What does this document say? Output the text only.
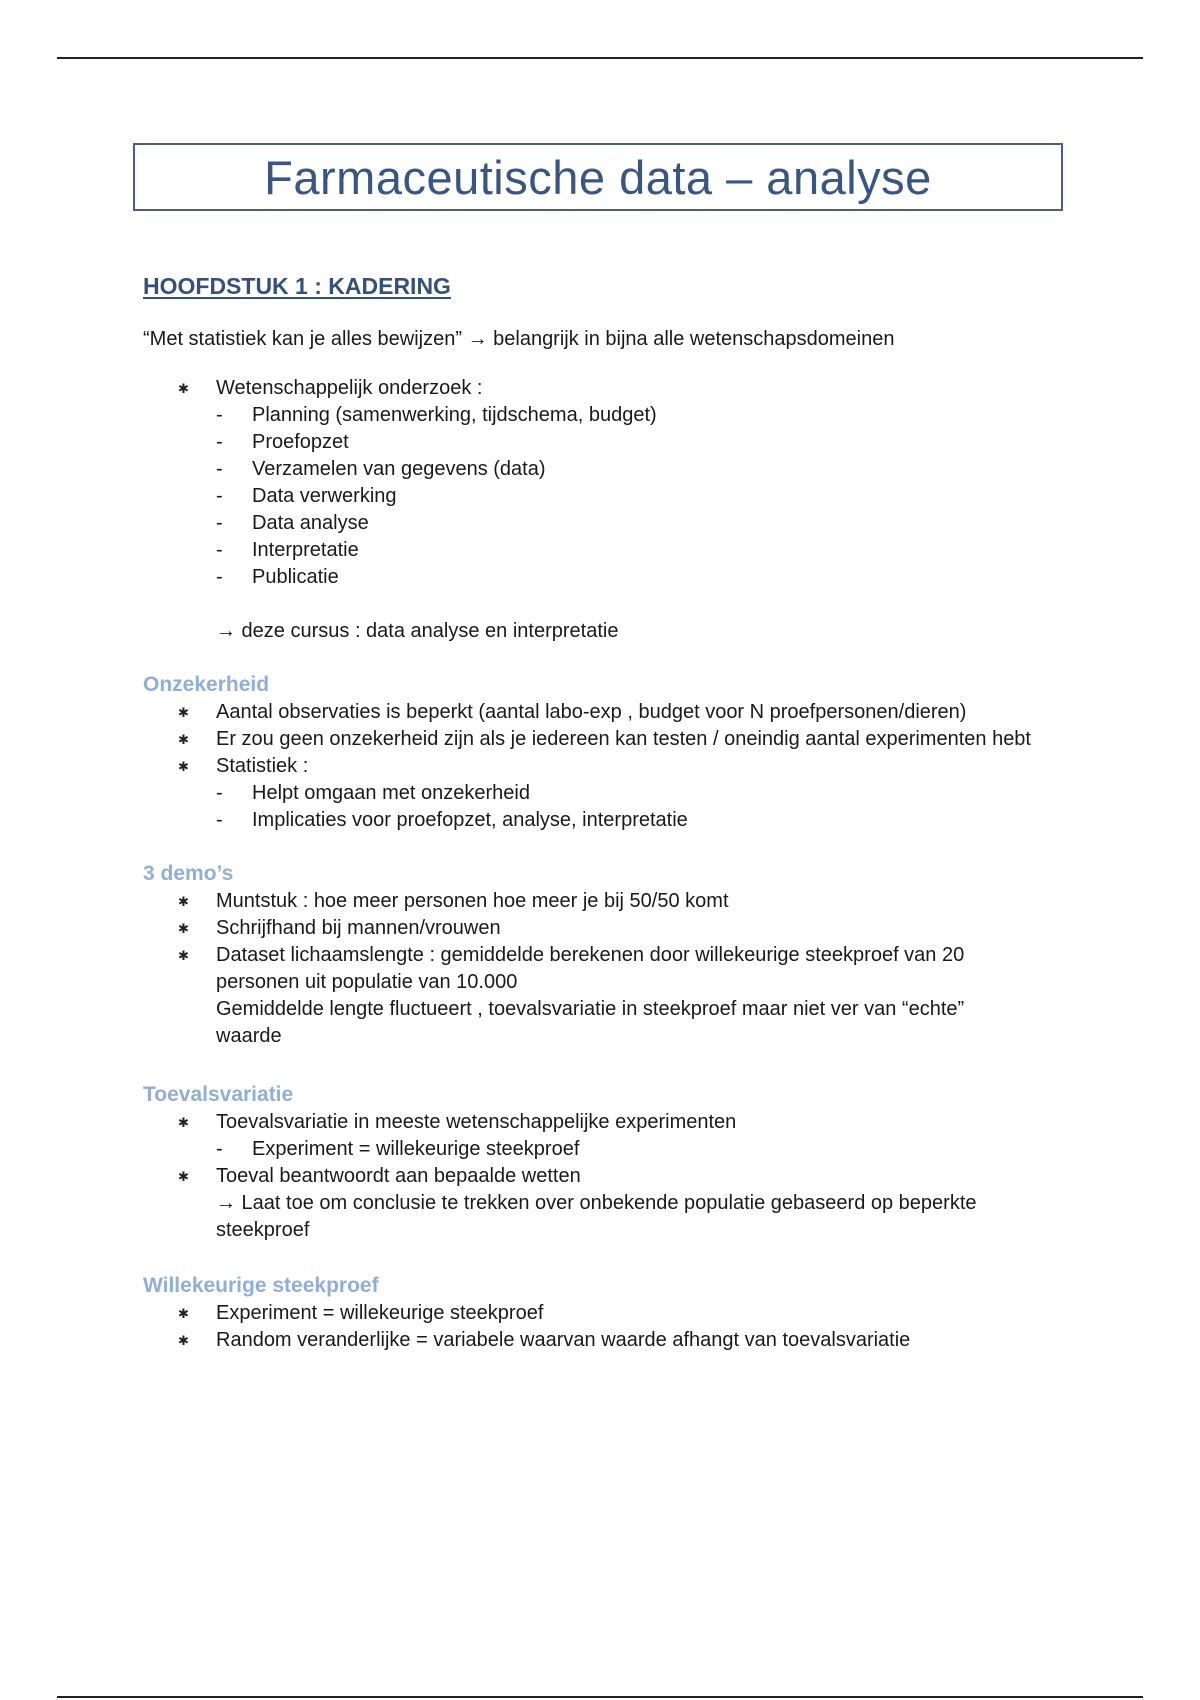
Farmaceutische data – analyse
HOOFDSTUK 1 : KADERING

“Met statistiek kan je alles bewijzen” → belangrijk in bijna alle wetenschapsdomeinen

✱ Wetenschappelijk onderzoek :
- Planning (samenwerking, tijdschema, budget)
- Proefopzet
- Verzamelen van gegevens (data)
- Data verwerking
- Data analyse
- Interpretatie
- Publicatie
→ deze cursus : data analyse en interpretatie
Onzekerheid
✱ Aantal observaties is beperkt (aantal labo-exp , budget voor N proefpersonen/dieren)
✱ Er zou geen onzekerheid zijn als je iedereen kan testen / oneindig aantal experimenten hebt
✱ Statistiek :
- Helpt omgaan met onzekerheid
- Implicaties voor proefopzet, analyse, interpretatie
3 demo’s
✱ Muntstuk : hoe meer personen hoe meer je bij 50/50 komt
✱ Schrijfhand bij mannen/vrouwen
✱ Dataset lichaamslengte : gemiddelde berekenen door willekeurige steekproef van 20
personen uit populatie van 10.000
Gemiddelde lengte fluctueert , toevalsvariatie in steekproef maar niet ver van “echte”
waarde
Toevalsvariatie
✱ Toevalsvariatie in meeste wetenschappelijke experimenten
- Experiment = willekeurige steekproef
✱ Toeval beantwoordt aan bepaalde wetten
→ Laat toe om conclusie te trekken over onbekende populatie gebaseerd op beperkte
steekproef
Willekeurige steekproef
✱ Experiment = willekeurige steekproef
✱ Random veranderlijke = variabele waarvan waarde afhangt van toevalsvariatie
